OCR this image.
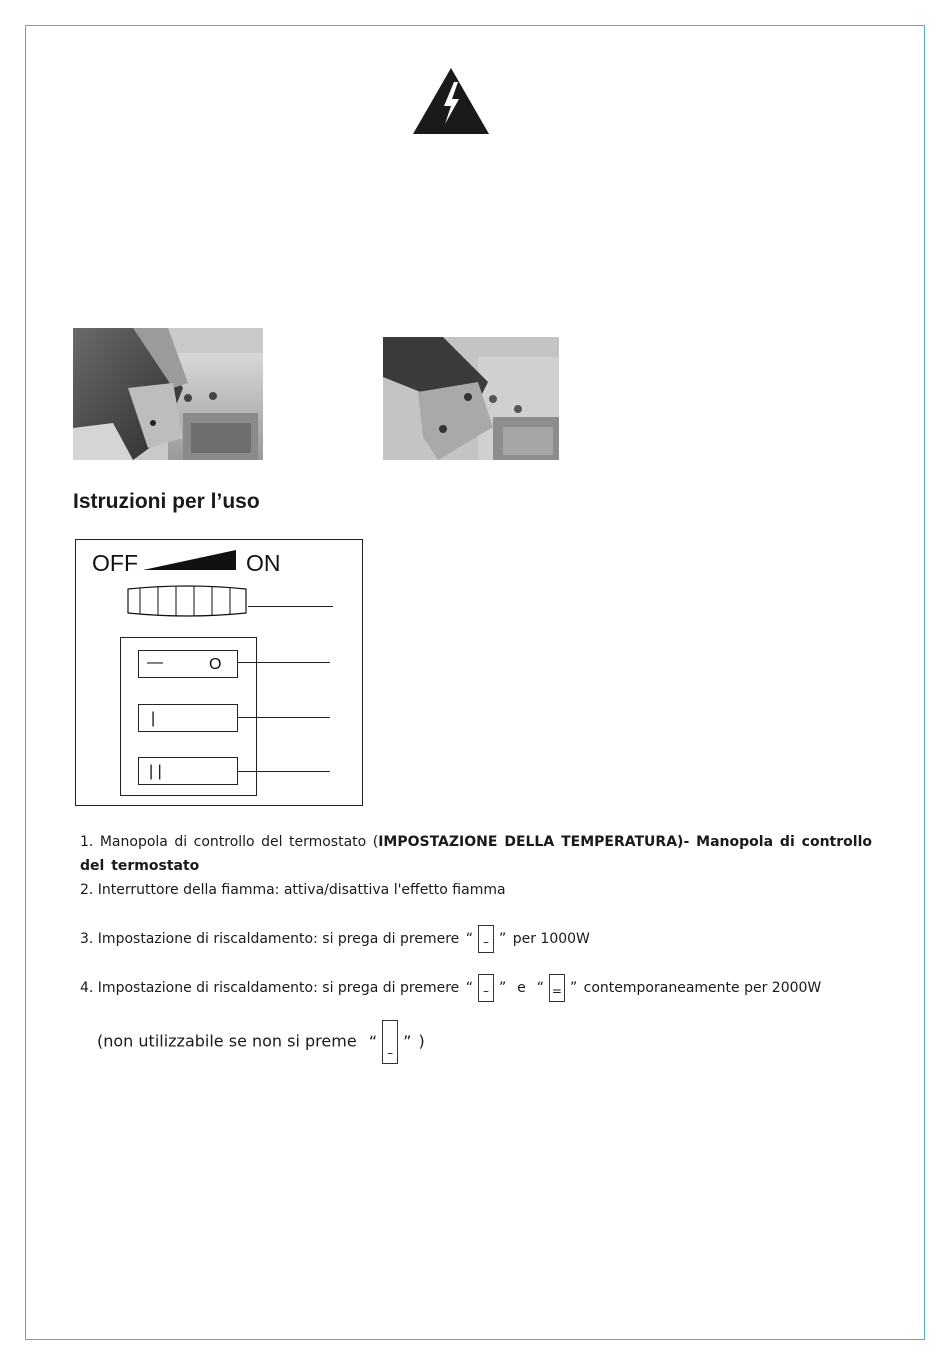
Istruzioni per l’uso
OFF	ON
—	O
|
| |
1. Manopola di controllo del termostato (IMPOSTAZIONE DELLA TEMPERATURA)- Manopola di controllo del termostato
2. Interruttore della fiamma: attiva/disattiva l'effetto fiamma
3. Impostazione di riscaldamento: si prega di premere “ – ” per 1000W
4. Impostazione di riscaldamento: si prega di premere “ – ” e “ = ” contemporaneamente per 2000W
(non utilizzabile se non si preme “
–
” )
